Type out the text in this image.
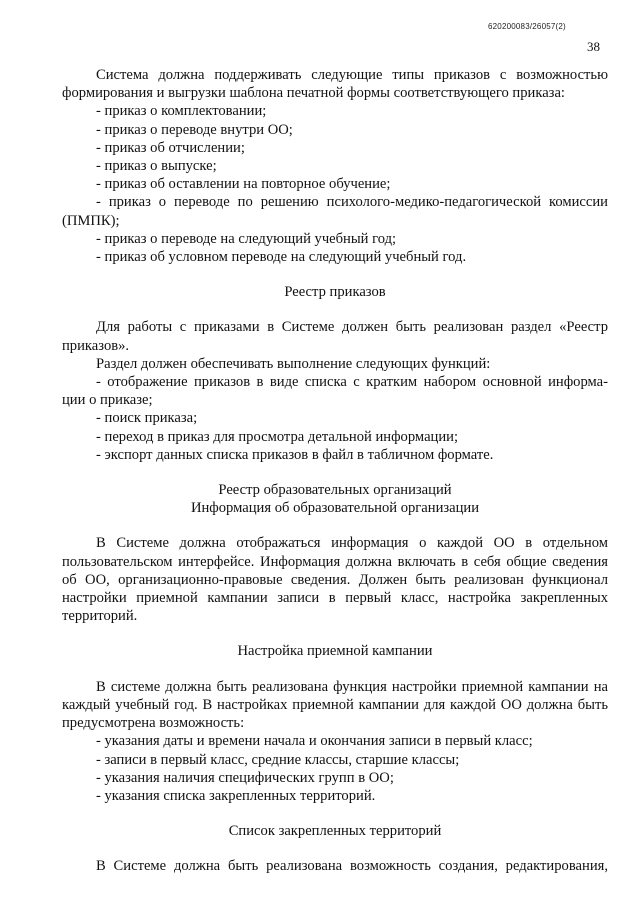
620200083/26057(2)
38

Система должна поддерживать следующие типы приказов с возможностью формирования и выгрузки шаблона печатной формы соответствующего приказа:

- приказ о комплектовании;

- приказ о переводе внутри ОО;

- приказ об отчислении;

- приказ о выпуске;

- приказ об оставлении на повторное обучение;

- приказ о переводе по решению психолого-медико-педагогической комиссии

(ПМПК);

- приказ о переводе на следующий учебный год;

- приказ об условном переводе на следующий учебный год.

Реестр приказов

Для работы с приказами в Системе должен быть реализован раздел «Реестр приказов».

Раздел должен обеспечивать выполнение следующих функций:

- отображение приказов в виде списка с кратким набором основной информа-

ции о приказе;

- поиск приказа;

- переход в приказ для просмотра детальной информации;

- экспорт данных списка приказов в файл в табличном формате.

Реестр образовательных организаций

Информация об образовательной организации

В Системе должна отображаться информация о каждой ОО в отдельном пользовательском интерфейсе. Информация должна включать в себя общие сведения об ОО, организационно-правовые сведения. Должен быть реализован функционал настройки приемной кампании записи в первый класс, настройка закрепленных территорий.

Настройка приемной кампании

В системе должна быть реализована функция настройки приемной кампании на каждый учебный год. В настройках приемной кампании для каждой ОО должна быть предусмотрена возможность:

- указания даты и времени начала и окончания записи в первый класс;

- записи в первый класс, средние классы, старшие классы;

- указания наличия специфических групп в ОО;

- указания списка закрепленных территорий.

Список закрепленных территорий

В Системе должна быть реализована возможность создания, редактирования,
